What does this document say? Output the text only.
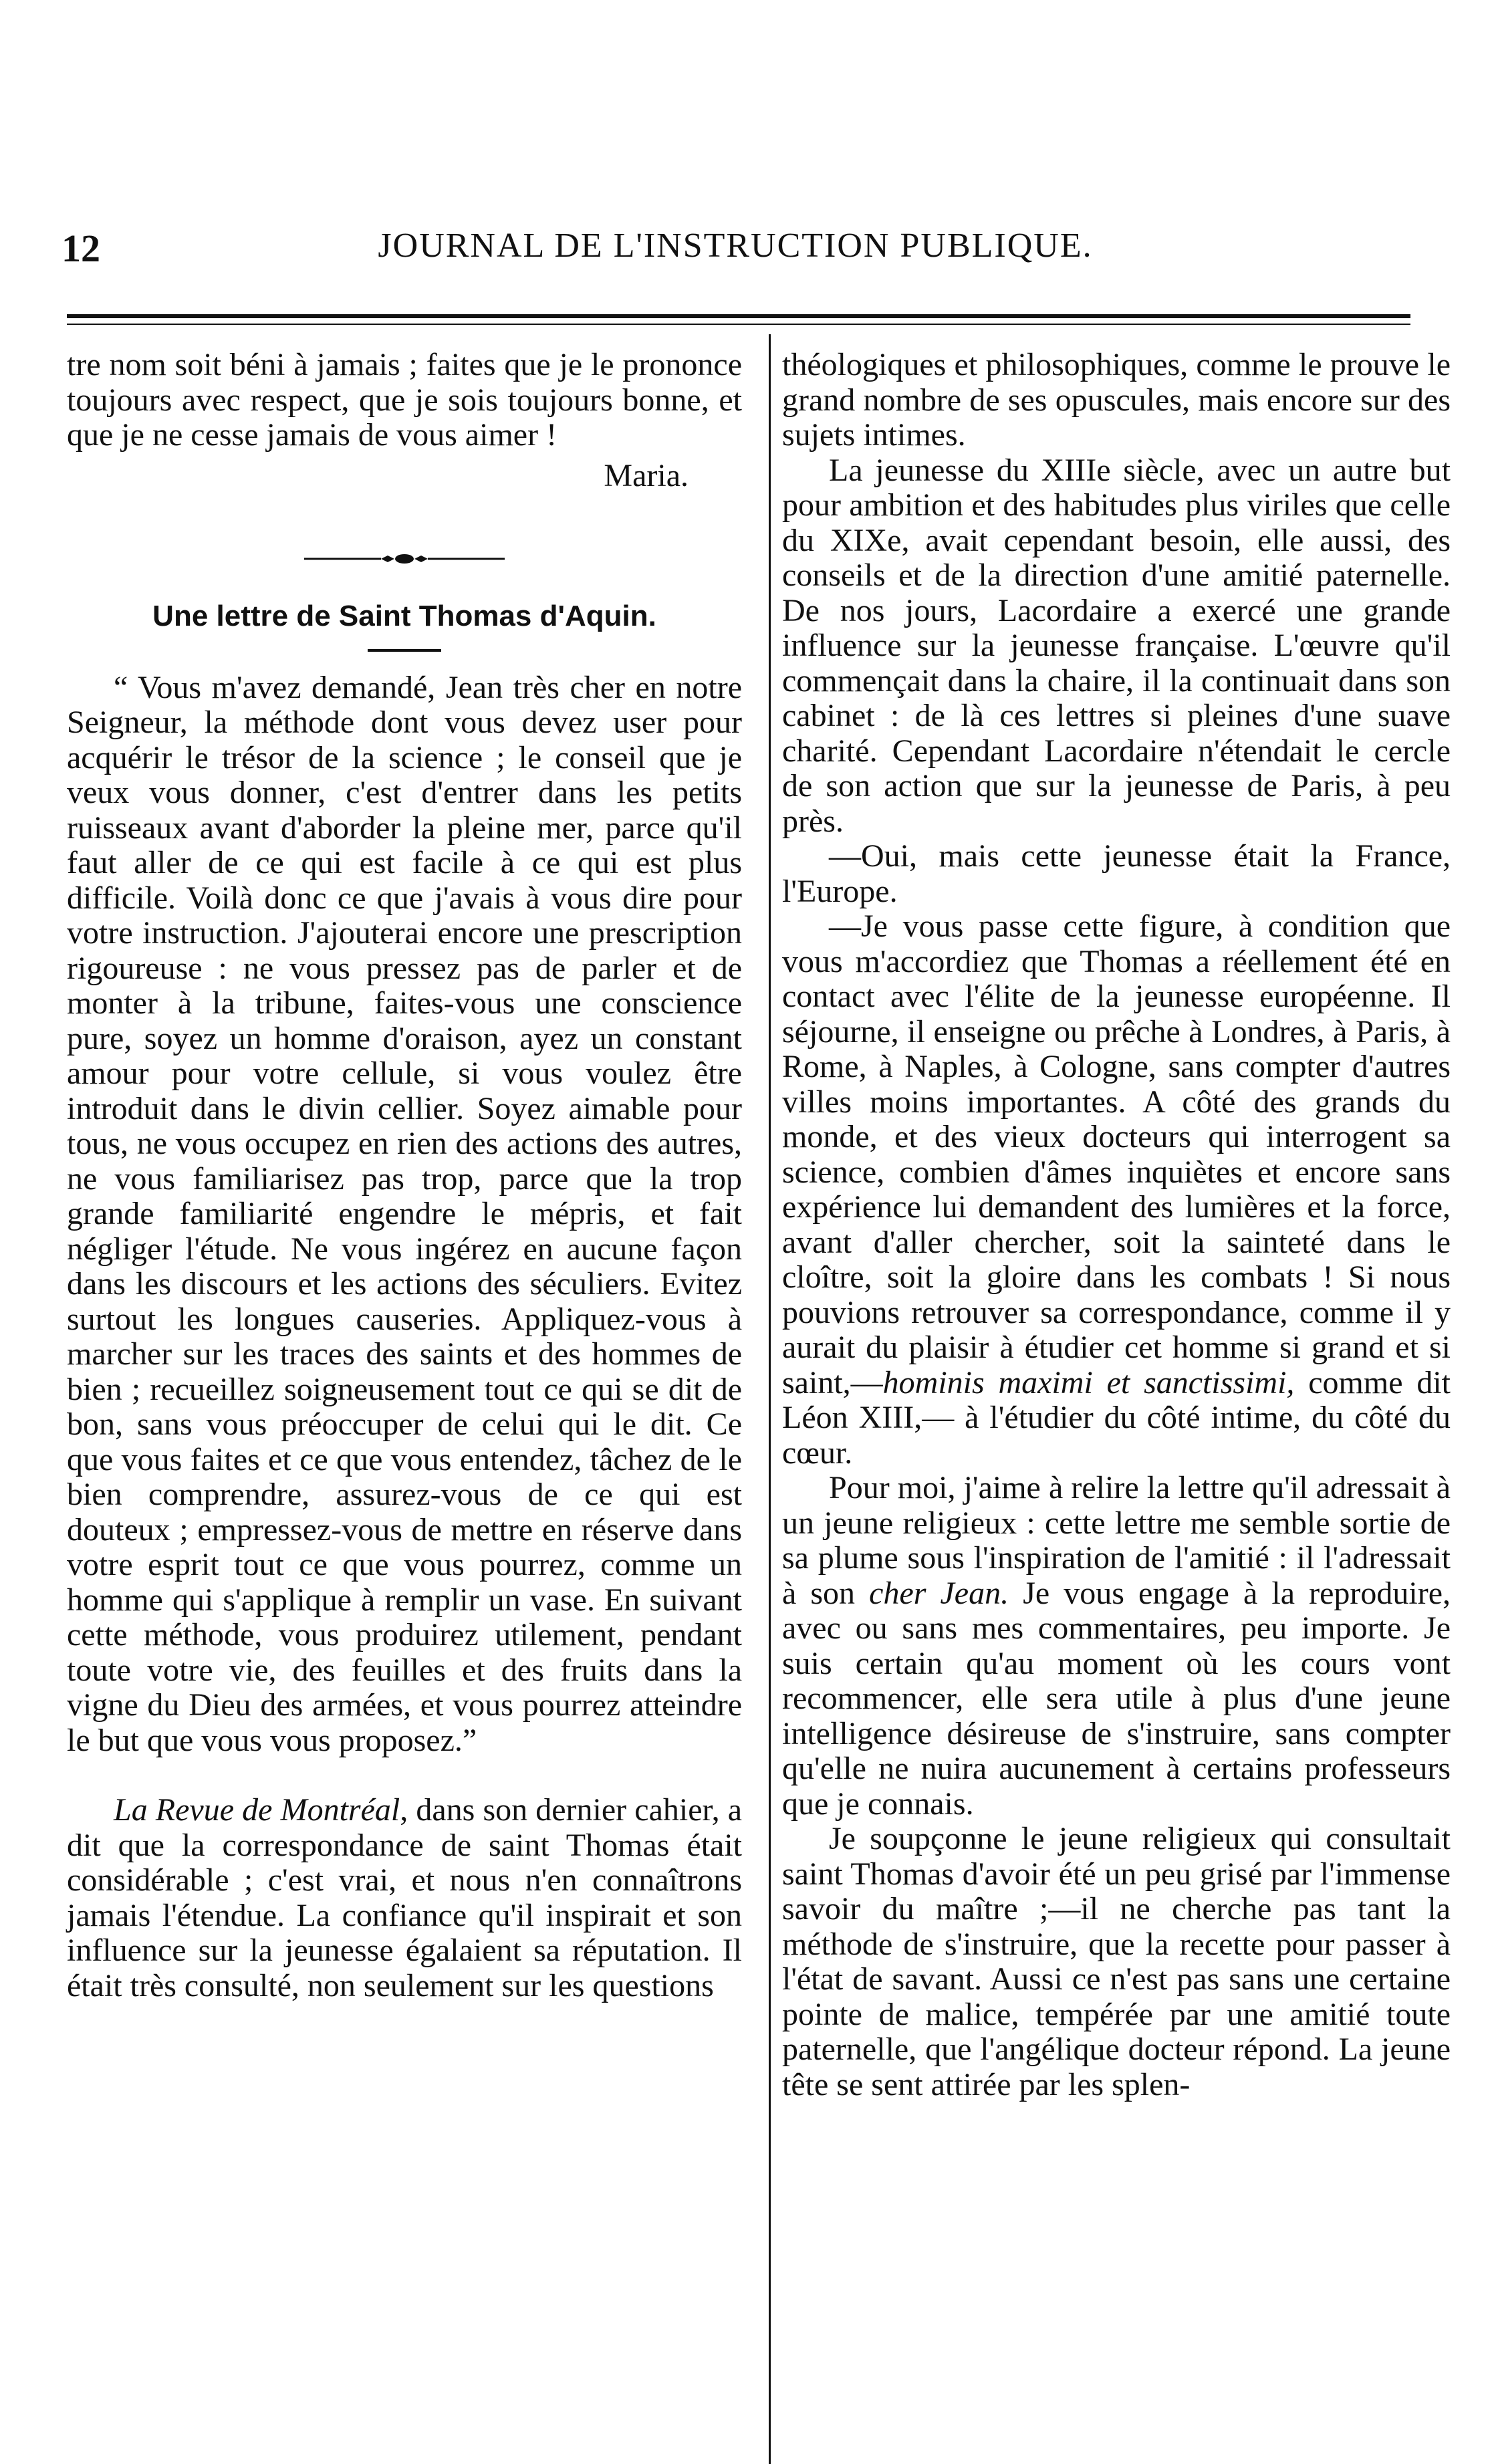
12	JOURNAL DE L'INSTRUCTION PUBLIQUE.

tre nom soit béni à jamais ; faites que je le prononce toujours avec respect, que je sois toujours bonne, et que je ne cesse jamais de vous aimer !

Maria.

Une lettre de Saint Thomas d'Aquin.

“ Vous m'avez demandé, Jean très cher en notre Seigneur, la méthode dont vous devez user pour acquérir le trésor de la science ; le conseil que je veux vous donner, c'est d'entrer dans les petits ruisseaux avant d'aborder la pleine mer, parce qu'il faut aller de ce qui est facile à ce qui est plus difficile. Voilà donc ce que j'avais à vous dire pour votre instruction. J'ajouterai encore une prescription rigoureuse : ne vous pressez pas de parler et de monter à la tribune, faites-vous une conscience pure, soyez un homme d'oraison, ayez un constant amour pour votre cellule, si vous voulez être introduit dans le divin cellier. Soyez aimable pour tous, ne vous occupez en rien des actions des autres, ne vous familiarisez pas trop, parce que la trop grande familiarité engendre le mépris, et fait négliger l'étude. Ne vous ingérez en aucune façon dans les discours et les actions des séculiers. Evitez surtout les longues causeries. Appliquez-vous à marcher sur les traces des saints et des hommes de bien ; recueillez soigneusement tout ce qui se dit de bon, sans vous préoccuper de celui qui le dit. Ce que vous faites et ce que vous entendez, tâchez de le bien comprendre, assurez-vous de ce qui est douteux ; empressez-vous de mettre en réserve dans votre esprit tout ce que vous pourrez, comme un homme qui s'applique à remplir un vase. En suivant cette méthode, vous produirez utilement, pendant toute votre vie, des feuilles et des fruits dans la vigne du Dieu des armées, et vous pourrez atteindre le but que vous vous proposez.”

La Revue de Montréal, dans son dernier cahier, a dit que la correspondance de saint Thomas était considérable ; c'est vrai, et nous n'en connaîtrons jamais l'étendue. La confiance qu'il inspirait et son influence sur la jeunesse égalaient sa réputation. Il était très consulté, non seulement sur les questions

théologiques et philosophiques, comme le prouve le grand nombre de ses opuscules, mais encore sur des sujets intimes.

La jeunesse du XIIIe siècle, avec un autre but pour ambition et des habitudes plus viriles que celle du XIXe, avait cependant besoin, elle aussi, des conseils et de la direction d'une amitié paternelle. De nos jours, Lacordaire a exercé une grande influence sur la jeunesse française. L'œuvre qu'il commençait dans la chaire, il la continuait dans son cabinet : de là ces lettres si pleines d'une suave charité. Cependant Lacordaire n'étendait le cercle de son action que sur la jeunesse de Paris, à peu près.

—Oui, mais cette jeunesse était la France, l'Europe.

—Je vous passe cette figure, à condition que vous m'accordiez que Thomas a réellement été en contact avec l'élite de la jeunesse européenne. Il séjourne, il enseigne ou prêche à Londres, à Paris, à Rome, à Naples, à Cologne, sans compter d'autres villes moins importantes. A côté des grands du monde, et des vieux docteurs qui interrogent sa science, combien d'âmes inquiètes et encore sans expérience lui demandent des lumières et la force, avant d'aller chercher, soit la sainteté dans le cloître, soit la gloire dans les combats ! Si nous pouvions retrouver sa correspondance, comme il y aurait du plaisir à étudier cet homme si grand et si saint,—hominis maximi et sanctissimi, comme dit Léon XIII,— à l'étudier du côté intime, du côté du cœur.

Pour moi, j'aime à relire la lettre qu'il adressait à un jeune religieux : cette lettre me semble sortie de sa plume sous l'inspiration de l'amitié : il l'adressait à son cher Jean. Je vous engage à la reproduire, avec ou sans mes commentaires, peu importe. Je suis certain qu'au moment où les cours vont recommencer, elle sera utile à plus d'une jeune intelligence désireuse de s'instruire, sans compter qu'elle ne nuira aucunement à certains professeurs que je connais.

Je soupçonne le jeune religieux qui consultait saint Thomas d'avoir été un peu grisé par l'immense savoir du maître ;—il ne cherche pas tant la méthode de s'instruire, que la recette pour passer à l'état de savant. Aussi ce n'est pas sans une certaine pointe de malice, tempérée par une amitié toute paternelle, que l'angélique docteur répond. La jeune tête se sent attirée par les splen-
